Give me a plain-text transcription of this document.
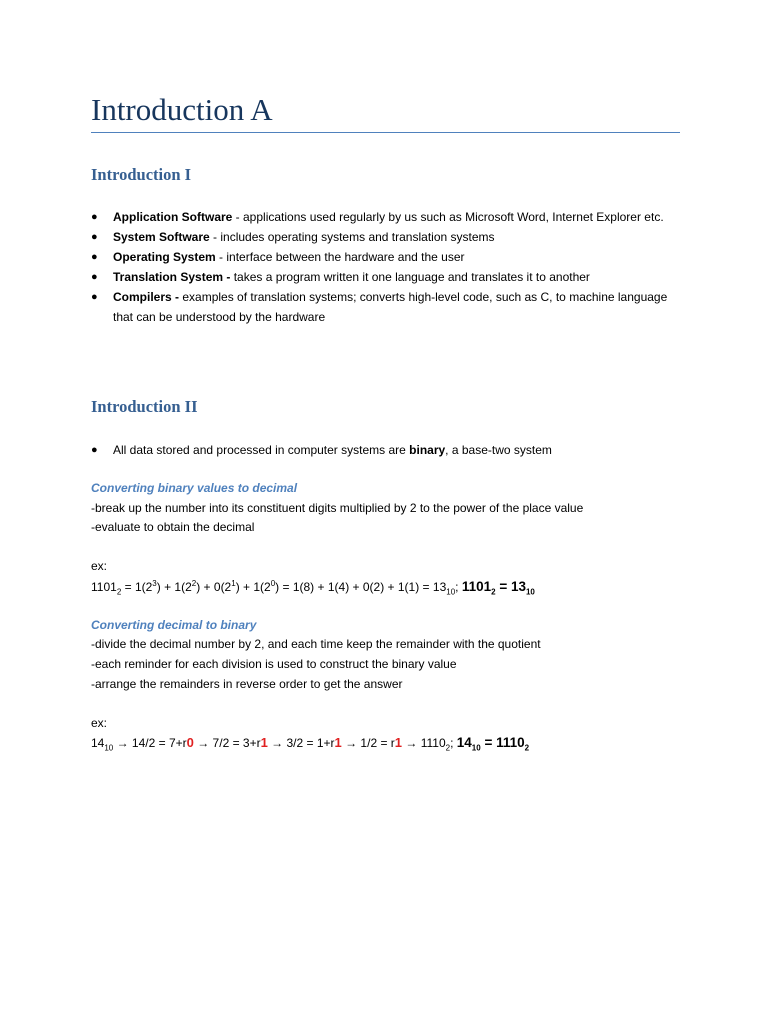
Introduction A
Introduction I
● Application Software - applications used regularly by us such as Microsoft Word, Internet Explorer etc.
● System Software - includes operating systems and translation systems
● Operating System - interface between the hardware and the user
● Translation System - takes a program written it one language and translates it to another
● Compilers - examples of translation systems; converts high-level code, such as C, to machine language that can be understood by the hardware
Introduction II
● All data stored and processed in computer systems are binary, a base-two system

Converting binary values to decimal

-break up the number into its constituent digits multiplied by 2 to the power of the place value

-evaluate to obtain the decimal

ex:

$1101_2 = 1(2^3) + 1(2^2) + 0(2^1) + 1(2^0) = 1(8) + 1(4) + 0(2) + 1(1) = 13_{10}$; $1101_2 = 13_{10}$

Converting decimal to binary

-divide the decimal number by 2, and each time keep the remainder with the quotient

-each reminder for each division is used to construct the binary value

-arrange the remainders in reverse order to get the answer

ex:

$14_{10} \to 14/2 = 7+r0 \to 7/2 = 3+r1 \to 3/2 = 1+r1 \to 1/2 = r1 \to 1110_2$; $14_{10} = 1110_2$
